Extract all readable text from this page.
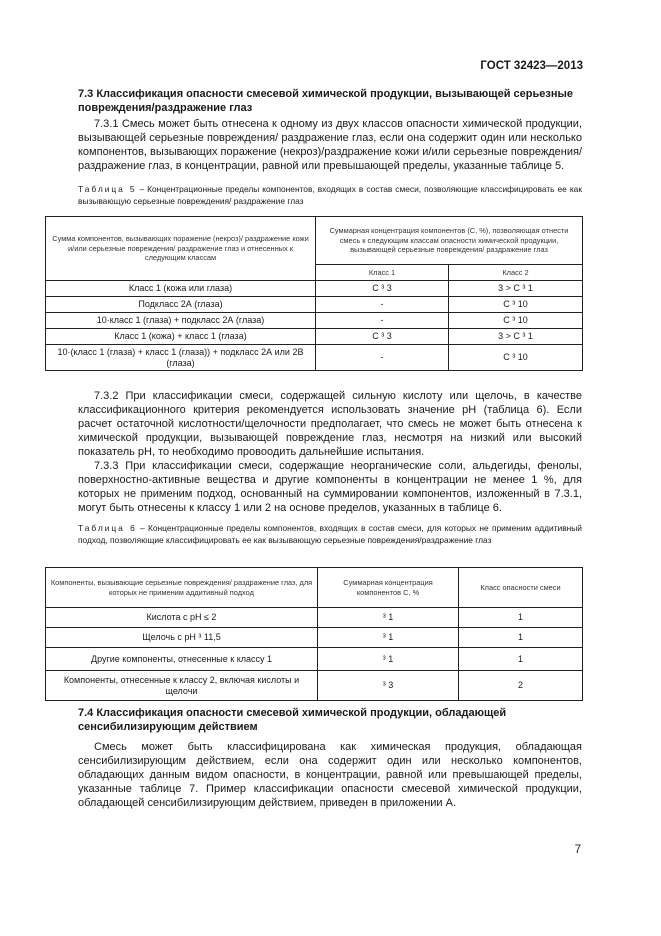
ГОСТ 32423—2013

7.3 Классификация опасности смесевой химической продукции, вызывающей серьезные повреждения/раздражение глаз

7.3.1 Смесь может быть отнесена к одному из двух классов опасности химической продукции, вызывающей серьезные повреждения/ раздражение глаз, если она содержит один или несколько компонентов, вызывающих поражение (некроз)/раздражение кожи и/или серьезные повреждения/раздражение глаз, в концентрации, равной или превышающей пределы, указанные таблице 5.

Таблица 5 – Концентрационные пределы компонентов, входящих в состав смеси, позволяющие классифицировать ее как вызывающую серьезные повреждения/ раздражение глаз

Сумма компонентов, вызывающих поражение (некроз)/ раздражение кожи и/или серьезные повреждения/ раздражение глаз и отнесенных к следующим классам	Суммарная концентрация компонентов (C, %), позволяющая отнести смесь к следующим классам опасности химической продукции, вызывающей серьезные повреждения/ раздражение глаз	
	Класс 1	Класс 2
Класс 1 (кожа или глаза)	C ³ 3	3 > C ³ 1
Подкласс 2А (глаза)	-	C ³ 10
10·класс 1 (глаза) + подкласс 2А (глаза)	-	C ³ 10
Класс 1 (кожа) + класс 1 (глаза)	C ³ 3	3 > C ³ 1
10·(класс 1 (глаза) + класс 1 (глаза)) + подкласс 2А или 2В (глаза)	-	C ³ 10

7.3.2 При классификации смеси, содержащей сильную кислоту или щелочь, в качестве классификационного критерия рекомендуется использовать значение pH (таблица 6). Если расчет остаточной кислотности/щелочности предполагает, что смесь не может быть отнесена к химической продукции, вызывающей повреждение глаз, несмотря на низкий или высокий показатель pH, то необходимо провоодить дальнейшие испытания.

7.3.3 При классификации смеси, содержащие неорганические соли, альдегиды, фенолы, поверхностно-активные вещества и другие компоненты в концентрации не менее 1 %, для которых не применим подход, основанный на суммировании компонентов, изложенный в 7.3.1, могут быть отнесены к классу 1 или 2 на основе пределов, указанных в таблице 6.

Таблица 6 – Концентрационные пределы компонентов, входящих в состав смеси, для которых не применим аддитивный подход, позволяющие классифицировать ее как вызывающую серьезные повреждения/раздражение глаз

Компоненты, вызывающие серьезные повреждения/ раздражение глаз, для которых не применим аддитивный подход	Суммарная концентрация компонентов C, %	Класс опасности смеси
Кислота с pH ≤ 2	³ 1	1
Щелочь с pH ³ 11,5	³ 1	1
Другие компоненты, отнесенные к классу 1	³ 1	1
Компоненты, отнесенные к классу 2, включая кислоты и щелочи	³ 3	2

7.4 Классификация опасности смесевой химической продукции, обладающей сенсибилизирующим действием

Смесь может быть классифицирована как химическая продукция, обладающая сенсибилизирующим действием, если она содержит один или несколько компонентов, обладающих данным видом опасности, в концентрации, равной или превышающей пределы, указанные таблице 7. Пример классификации опасности смесевой химической продукции, обладающей сенсибилизирующим действием, приведен в приложении А.

7
